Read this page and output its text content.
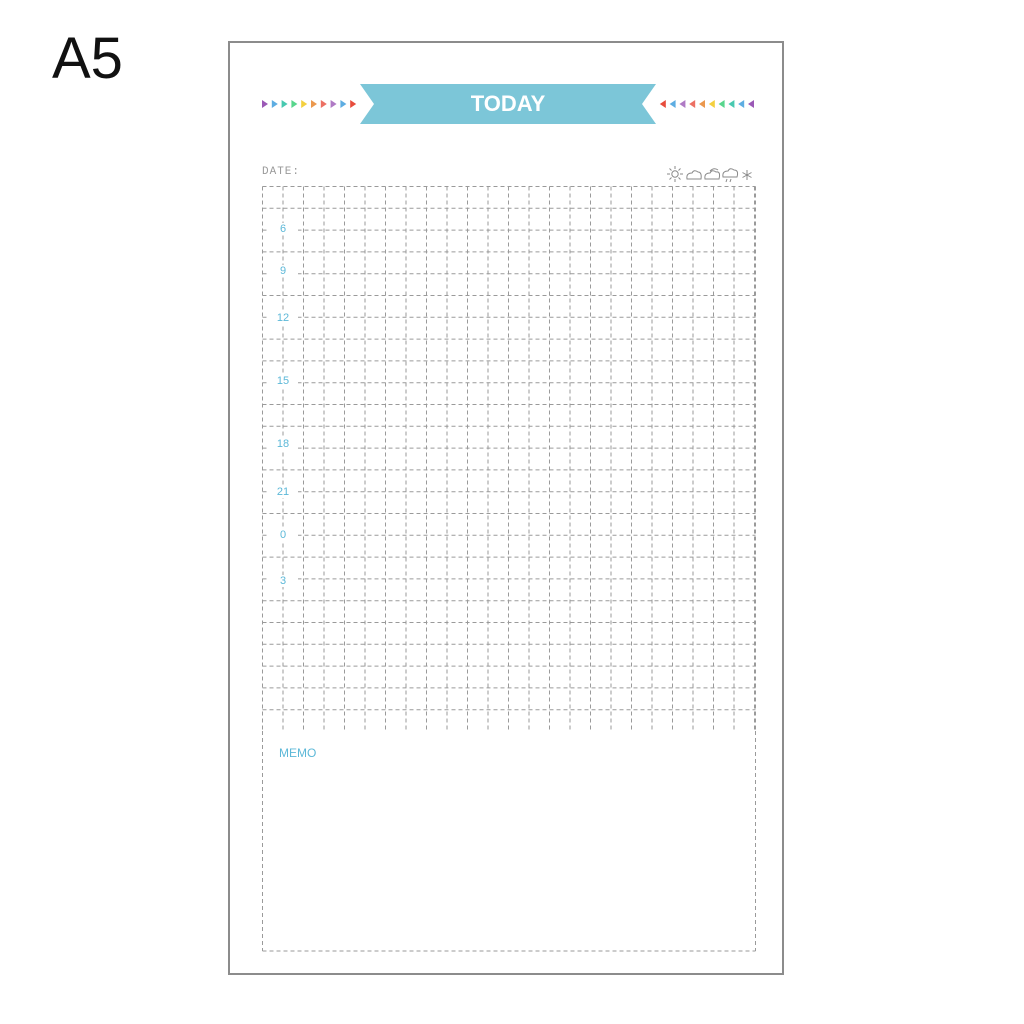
A5
TODAY
DATE:
6
9
12
15
18
21
0
3
MEMO
